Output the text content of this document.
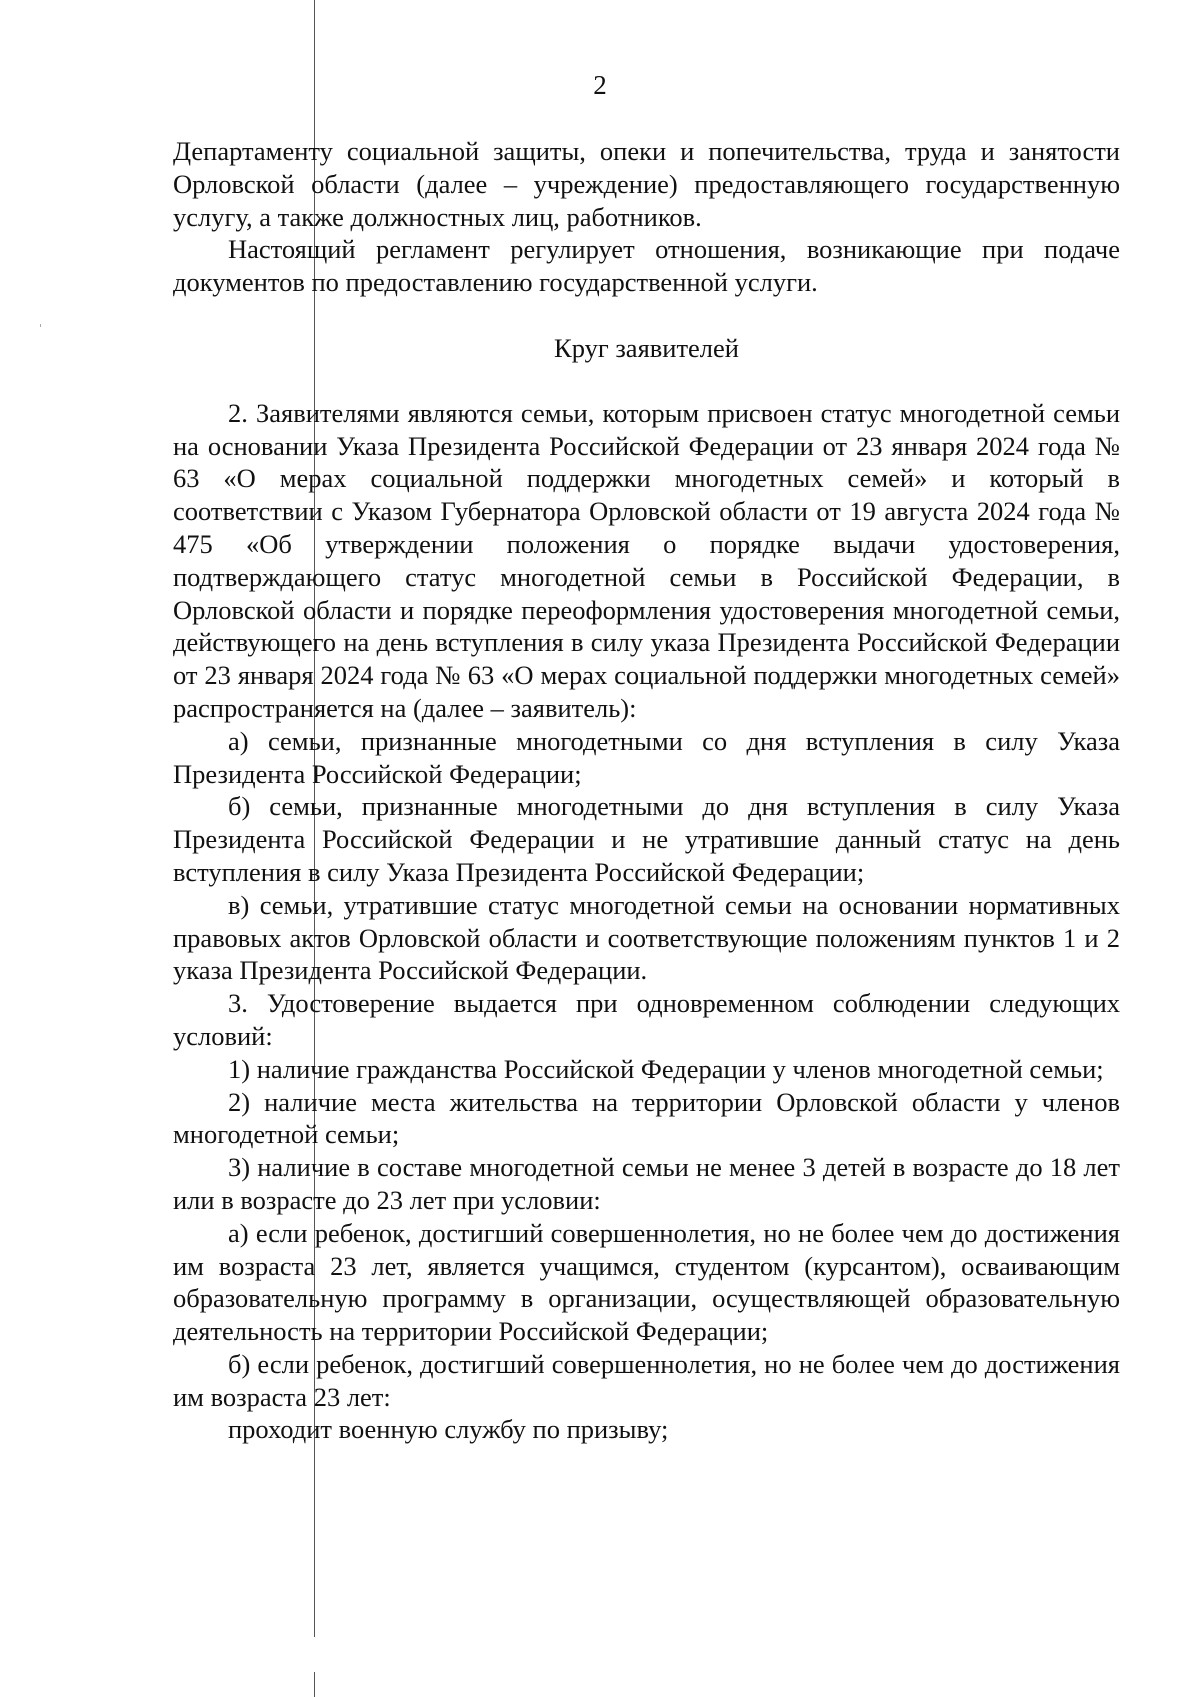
2

Департаменту социальной защиты, опеки и попечительства, труда и занятости Орловской области (далее – учреждение) предоставляющего государственную услугу, а также должностных лиц, работников.

Настоящий регламент регулирует отношения, возникающие при подаче документов по предоставлению государственной услуги.

Круг заявителей

2. Заявителями являются семьи, которым присвоен статус многодетной семьи на основании Указа Президента Российской Федерации от 23 января 2024 года № 63 «О мерах социальной поддержки многодетных семей» и который в соответствии с Указом Губернатора Орловской области от 19 августа 2024 года № 475 «Об утверждении положения о порядке выдачи удостоверения, подтверждающего статус многодетной семьи в Российской Федерации, в Орловской области и порядке переоформления удостоверения многодетной семьи, действующего на день вступления в силу указа Президента Российской Федерации от 23 января 2024 года № 63 «О мерах социальной поддержки многодетных семей» распространяется на (далее – заявитель):

а) семьи, признанные многодетными со дня вступления в силу Указа Президента Российской Федерации;

б) семьи, признанные многодетными до дня вступления в силу Указа Президента Российской Федерации и не утратившие данный статус на день вступления в силу Указа Президента Российской Федерации;

в) семьи, утратившие статус многодетной семьи на основании нормативных правовых актов Орловской области и соответствующие положениям пунктов 1 и 2 указа Президента Российской Федерации.

3. Удостоверение выдается при одновременном соблюдении следующих условий:

1) наличие гражданства Российской Федерации у членов многодетной семьи;

2) наличие места жительства на территории Орловской области у членов многодетной семьи;

3) наличие в составе многодетной семьи не менее 3 детей в возрасте до 18 лет или в возрасте до 23 лет при условии:

а) если ребенок, достигший совершеннолетия, но не более чем до достижения им возраста 23 лет, является учащимся, студентом (курсантом), осваивающим образовательную программу в организации, осуществляющей образовательную деятельность на территории Российской Федерации;

б) если ребенок, достигший совершеннолетия, но не более чем до достижения им возраста 23 лет:

проходит военную службу по призыву;
